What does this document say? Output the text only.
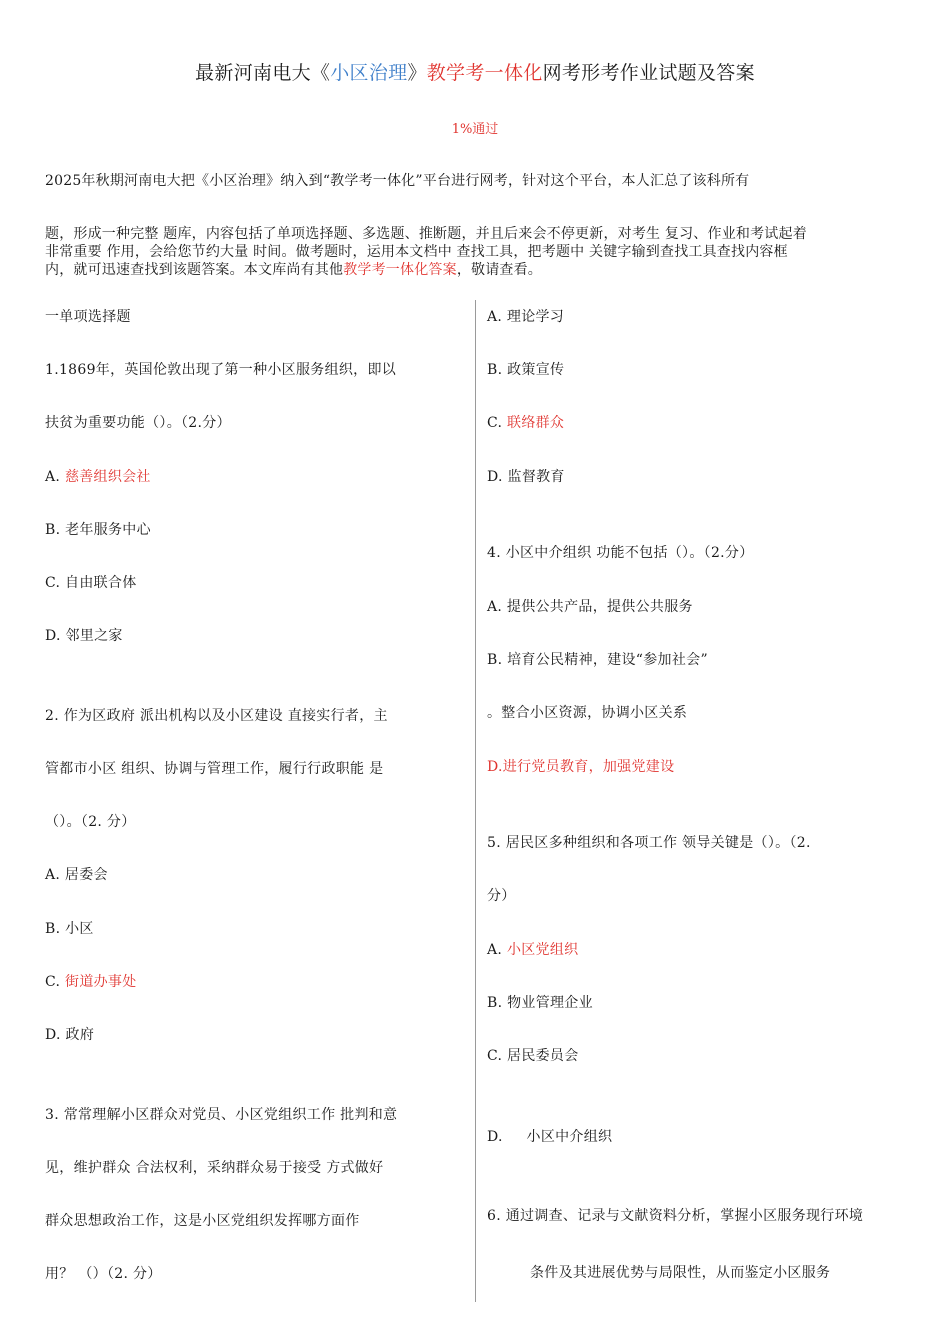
最新河南电大《小区治理》教学考一体化网考形考作业试题及答案
1%通过
2025年秋期河南电大把《小区治理》纳入到“教学考一体化”平台进行网考，针对这个平台，本人汇总了该科所有
题，形成一种完整 题库，内容包括了单项选择题、多选题、推断题，并且后来会不停更新，对考生 复习、作业和考试起着
非常重要 作用，会给您节约大量 时间。做考题时，运用本文档中 查找工具，把考题中 关键字输到查找工具查找内容框
内，就可迅速查找到该题答案。本文库尚有其他教学考一体化答案，敬请查看。
一单项选择题
1.1869年，英国伦敦出现了第一种小区服务组织，即以
扶贫为重要功能（）。（2.分）
A. 慈善组织会社
B. 老年服务中心
C. 自由联合体
D. 邻里之家
2. 作为区政府 派出机构以及小区建设 直接实行者，主
管都市小区 组织、协调与管理工作，履行行政职能 是
（）。（2. 分）
A. 居委会
B. 小区
C. 街道办事处
D. 政府
3. 常常理解小区群众对党员、小区党组织工作 批判和意
见，维护群众 合法权利，采纳群众易于接受 方式做好
群众思想政治工作，这是小区党组织发挥哪方面作
用？ （）（2. 分）
A. 理论学习
B. 政策宣传
C. 联络群众
D. 监督教育
4. 小区中介组织 功能不包括（）。（2.分）
A. 提供公共产品，提供公共服务
B. 培育公民精神，建设“参加社会”
。整合小区资源，协调小区关系
D.进行党员教育，加强党建设
5. 居民区多种组织和各项工作 领导关键是（）。（2.
分）
A. 小区党组织
B. 物业管理企业
C. 居民委员会
D.     小区中介组织
6. 通过调查、记录与文献资料分析，掌握小区服务现行环境
条件及其进展优势与局限性，从而鉴定小区服务
